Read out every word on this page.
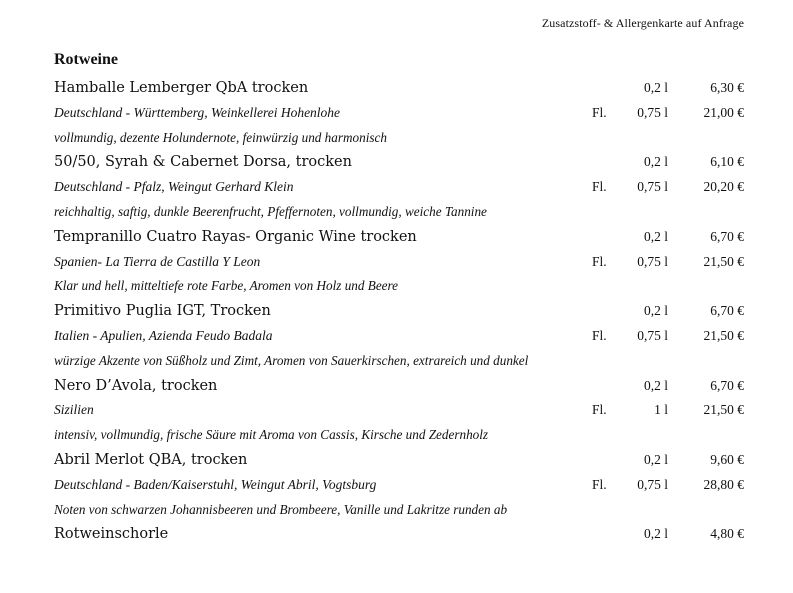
Zusatzstoff- & Allergenkarte auf Anfrage
Rotweine
Hamballe Lemberger QbA trocken	0,2 l	6,30 €
Deutschland - Württemberg, Weinkellerei Hohenlohe	Fl. 0,75 l	21,00 €
vollmundig, dezente Holundernote, feinwürzig und harmonisch
50/50, Syrah & Cabernet Dorsa, trocken	0,2 l	6,10 €
Deutschland - Pfalz, Weingut Gerhard Klein	Fl. 0,75 l	20,20 €
reichhaltig, saftig, dunkle Beerenfrucht, Pfeffernoten, vollmundig, weiche Tannine
Tempranillo Cuatro Rayas- Organic Wine trocken	0,2 l	6,70 €
Spanien- La Tierra de Castilla Y Leon	Fl. 0,75 l	21,50 €
Klar und hell, mitteltiefe rote Farbe, Aromen von Holz und Beere
Primitivo Puglia IGT, Trocken	0,2 l	6,70 €
Italien - Apulien, Azienda Feudo Badala	Fl. 0,75 l	21,50 €
würzige Akzente von Süßholz und Zimt, Aromen von Sauerkirschen, extrareich und dunkel
Nero D’Avola, trocken	0,2 l	6,70 €
Sizilien	Fl.	1 l	21,50 €
intensiv, vollmundig, frische Säure mit Aroma von Cassis, Kirsche und Zedernholz
Abril Merlot QBA, trocken	0,2 l	9,60 €
Deutschland - Baden/Kaiserstuhl, Weingut Abril, Vogtsburg	Fl. 0,75 l	28,80 €
Noten von schwarzen Johannisbeeren und Brombeere, Vanille und Lakritze runden ab
Rotweinschorle	0,2 l	4,80 €
